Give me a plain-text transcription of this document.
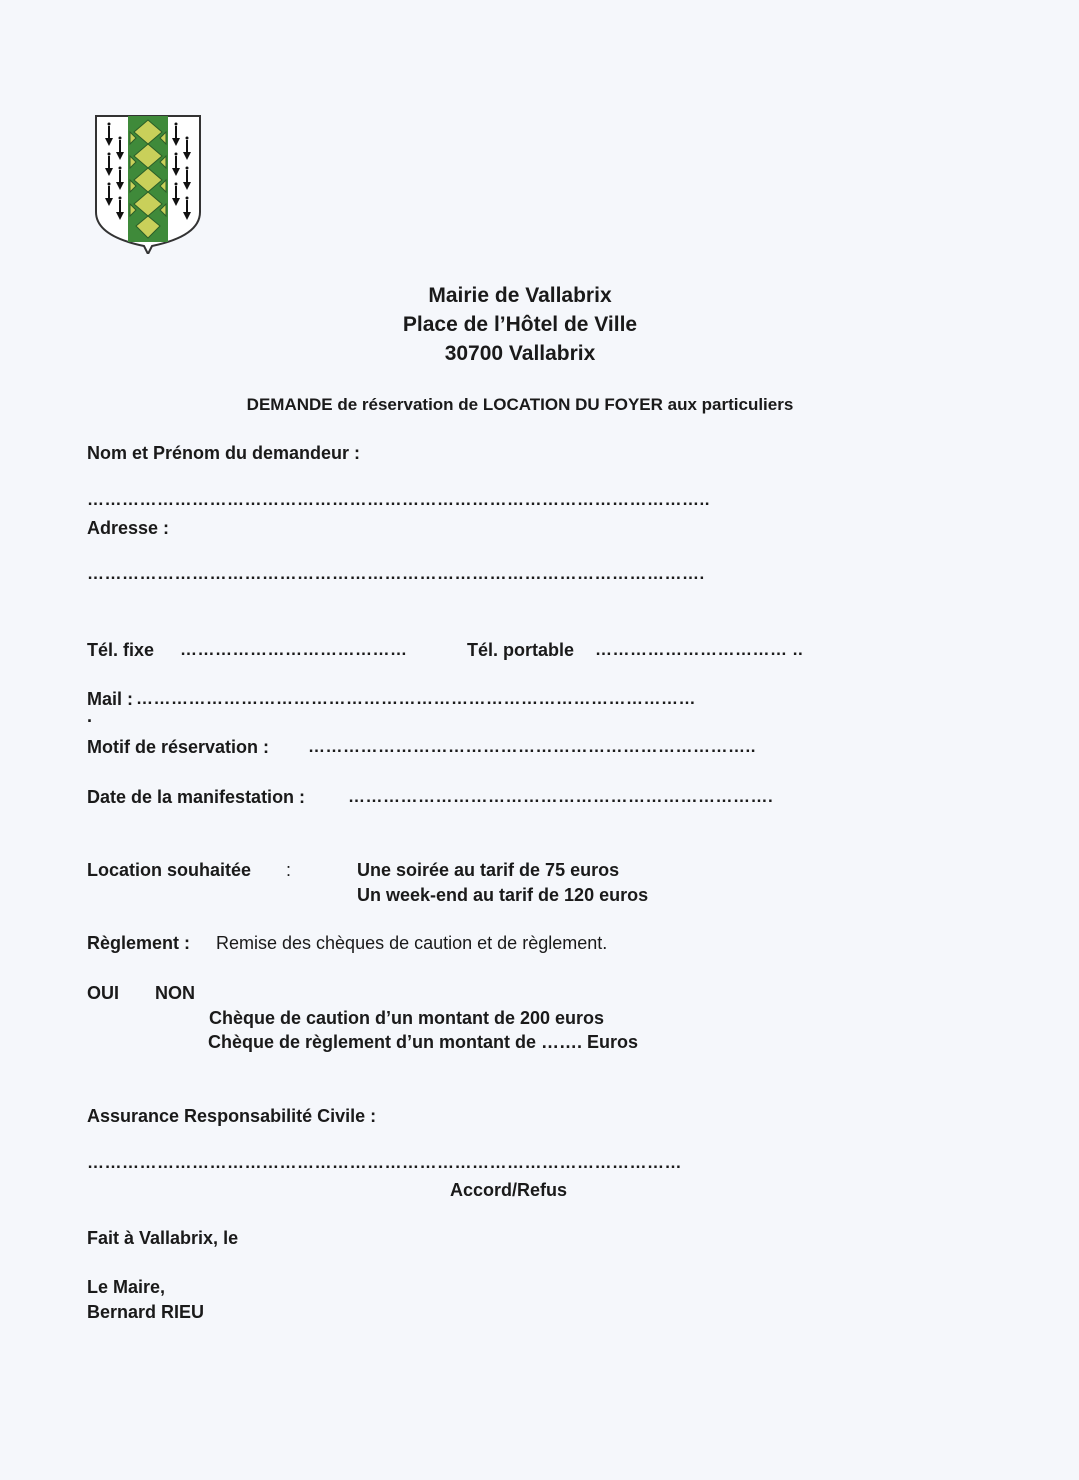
Mairie de Vallabrix
Place de l’Hôtel de Ville
30700 Vallabrix
DEMANDE de réservation de LOCATION DU FOYER aux particuliers
Nom et Prénom du demandeur :
……………………………………………………………………………………………..
Adresse :
…………………………………………………………………………………………….
Tél. fixe …………………………………	Tél. portable …………………………… ..
Mail : ……………………………………………………………………………………
.
Motif de réservation : …………………………………………………………………..
Date de la manifestation :	……………………………………………………………….
Location souhaitée :	Une soirée au tarif de 75 euros
Un week-end au tarif de 120 euros
Règlement : Remise des chèques de caution et de règlement.
OUI NON
Chèque de caution d’un montant de 200 euros
Chèque de règlement d’un montant de ……. Euros
Assurance Responsabilité Civile :
…………………………………………………………………………………………
Accord/Refus
Fait à Vallabrix, le
Le Maire,
Bernard RIEU
